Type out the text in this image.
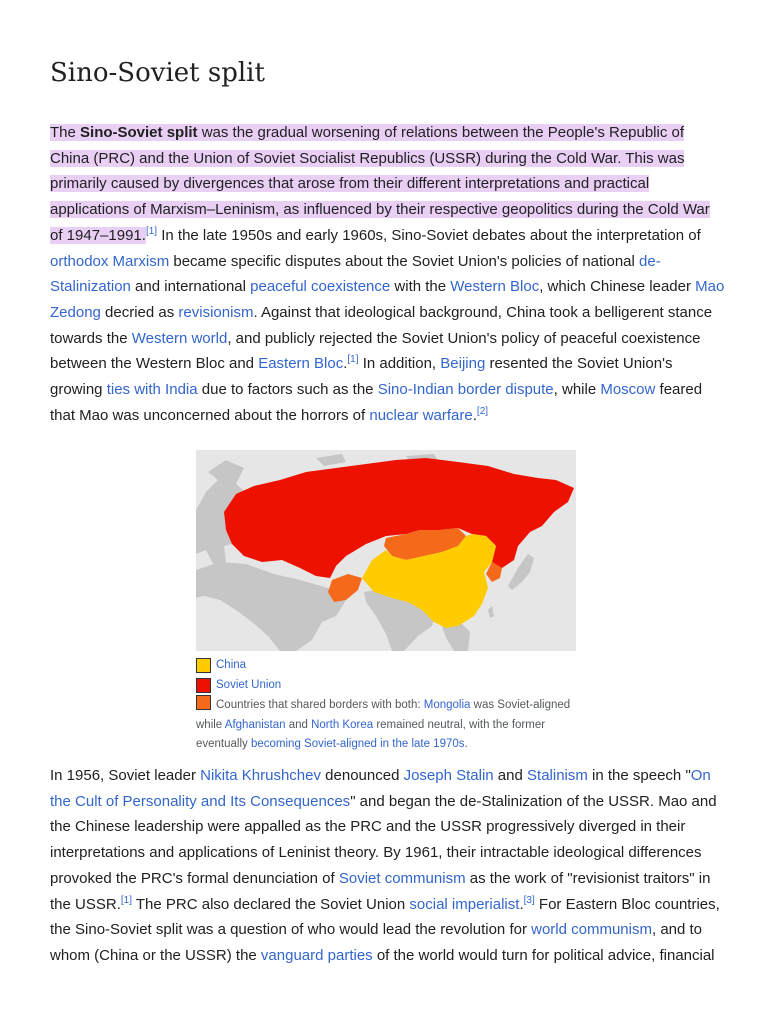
Sino-Soviet split

The Sino-Soviet split was the gradual worsening of relations between the People's Republic of China (PRC) and the Union of Soviet Socialist Republics (USSR) during the Cold War. This was primarily caused by divergences that arose from their different interpretations and practical applications of Marxism–Leninism, as influenced by their respective geopolitics during the Cold War of 1947–1991.[1] In the late 1950s and early 1960s, Sino-Soviet debates about the interpretation of orthodox Marxism became specific disputes about the Soviet Union's policies of national de-Stalinization and international peaceful coexistence with the Western Bloc, which Chinese leader Mao Zedong decried as revisionism. Against that ideological background, China took a belligerent stance towards the Western world, and publicly rejected the Soviet Union's policy of peaceful coexistence between the Western Bloc and Eastern Bloc.[1] In addition, Beijing resented the Soviet Union's growing ties with India due to factors such as the Sino-Indian border dispute, while Moscow feared that Mao was unconcerned about the horrors of nuclear warfare.[2]

China
Soviet Union
Countries that shared borders with both: Mongolia was Soviet-aligned while Afghanistan and North Korea remained neutral, with the former eventually becoming Soviet-aligned in the late 1970s.

In 1956, Soviet leader Nikita Khrushchev denounced Joseph Stalin and Stalinism in the speech "On the Cult of Personality and Its Consequences" and began the de-Stalinization of the USSR. Mao and the Chinese leadership were appalled as the PRC and the USSR progressively diverged in their interpretations and applications of Leninist theory. By 1961, their intractable ideological differences provoked the PRC's formal denunciation of Soviet communism as the work of "revisionist traitors" in the USSR.[1] The PRC also declared the Soviet Union social imperialist.[3] For Eastern Bloc countries, the Sino-Soviet split was a question of who would lead the revolution for world communism, and to whom (China or the USSR) the vanguard parties of the world would turn for political advice, financial
